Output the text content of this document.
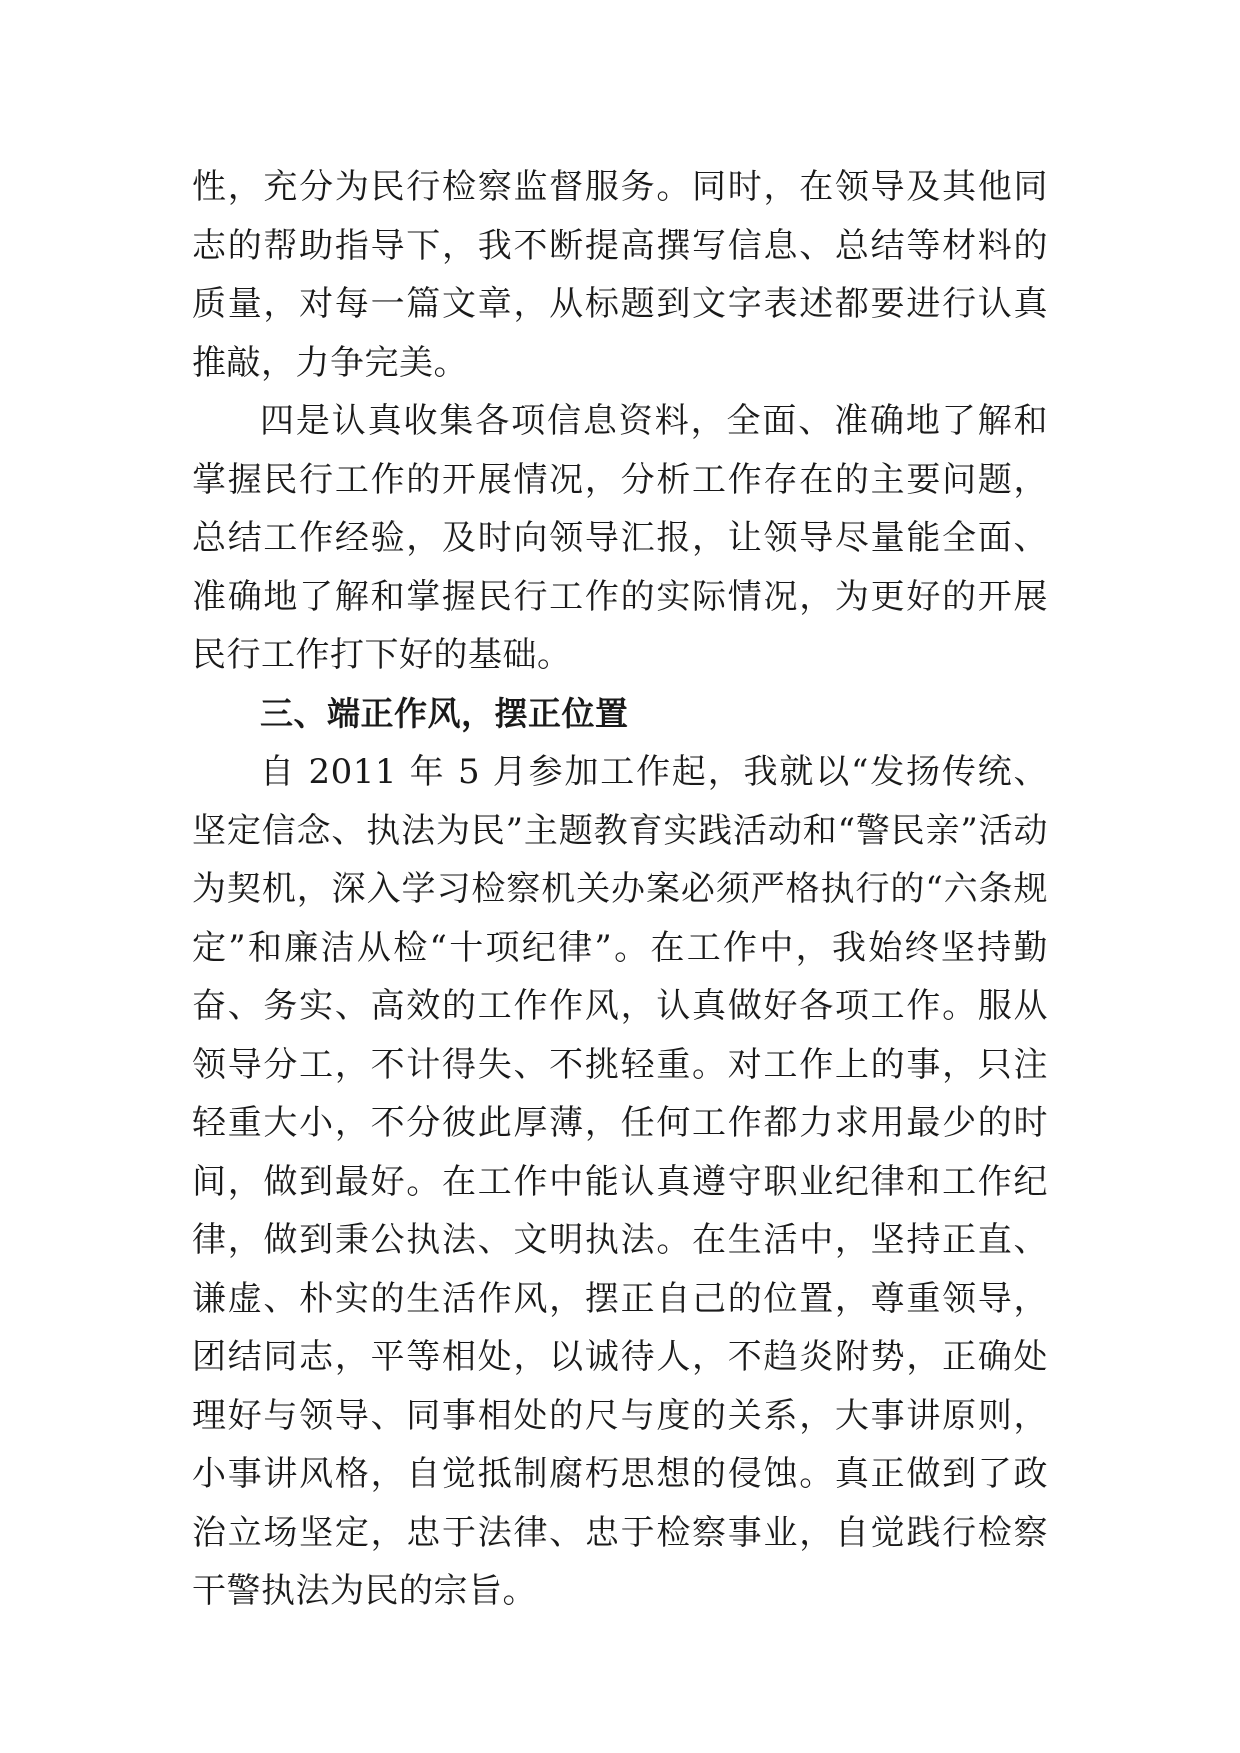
性，充分为民行检察监督服务。同时，在领导及其他同志的帮助指导下，我不断提高撰写信息、总结等材料的质量，对每一篇文章，从标题到文字表述都要进行认真推敲，力争完美。

四是认真收集各项信息资料，全面、准确地了解和掌握民行工作的开展情况，分析工作存在的主要问题，总结工作经验，及时向领导汇报，让领导尽量能全面、准确地了解和掌握民行工作的实际情况，为更好的开展民行工作打下好的基础。

三、端正作风，摆正位置

自 2011 年 5 月参加工作起，我就以“发扬传统、坚定信念、执法为民”主题教育实践活动和“警民亲”活动为契机，深入学习检察机关办案必须严格执行的“六条规定”和廉洁从检“十项纪律”。在工作中，我始终坚持勤奋、务实、高效的工作作风，认真做好各项工作。服从领导分工，不计得失、不挑轻重。对工作上的事，只注轻重大小，不分彼此厚薄，任何工作都力求用最少的时间，做到最好。在工作中能认真遵守职业纪律和工作纪律，做到秉公执法、文明执法。在生活中，坚持正直、谦虚、朴实的生活作风，摆正自己的位置，尊重领导，团结同志，平等相处，以诚待人，不趋炎附势，正确处理好与领导、同事相处的尺与度的关系，大事讲原则，小事讲风格，自觉抵制腐朽思想的侵蚀。真正做到了政治立场坚定，忠于法律、忠于检察事业，自觉践行检察干警执法为民的宗旨。
